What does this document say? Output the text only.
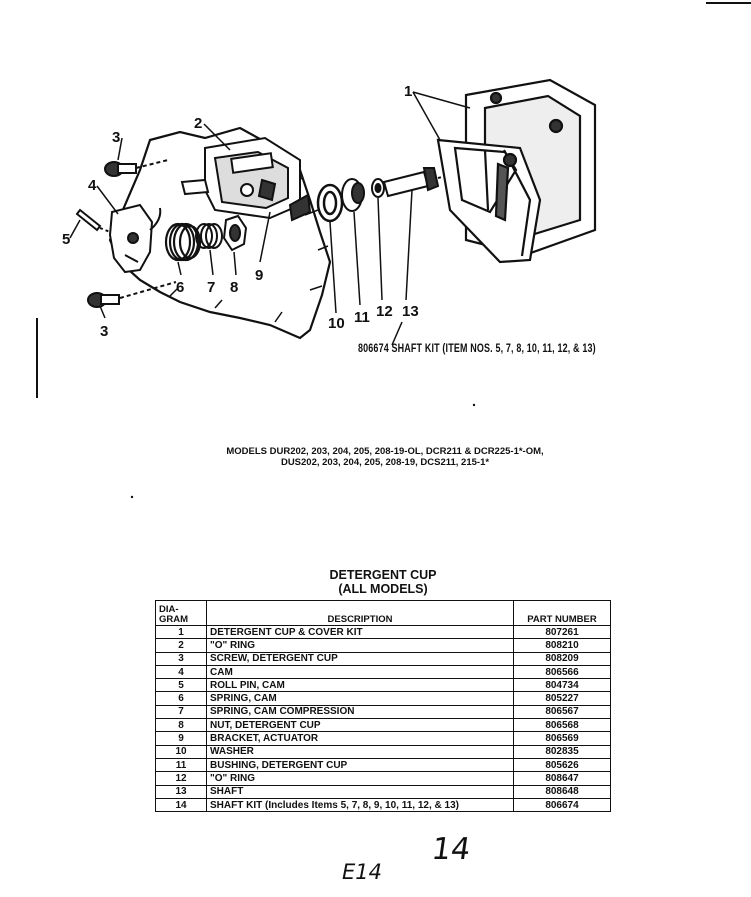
1
2
3
4
5
6 7 8
9
3	10 11 12 13
806674 SHAFT KIT (ITEM NOS. 5, 7, 8, 10, 11, 12, & 13)
MODELS DUR202, 203, 204, 205, 208-19-OL, DCR211 & DCR225-1*-OM,
DUS202, 203, 204, 205, 208-19, DCS211, 215-1*
DETERGENT CUP
(ALL MODELS)
DIA-
GRAM	DESCRIPTION	PART NUMBER
1	DETERGENT CUP & COVER KIT	807261
2	"O" RING	808210
3	SCREW, DETERGENT CUP	808209
4	CAM	806566
5	ROLL PIN, CAM	804734
6	SPRING, CAM	805227
7	SPRING, CAM COMPRESSION	806567
8	NUT, DETERGENT CUP	806568
9	BRACKET, ACTUATOR	806569
10	WASHER	802835
11	BUSHING, DETERGENT CUP	805626
12	"O" RING	808647
13	SHAFT	808648
14	SHAFT KIT (Includes Items 5, 7, 8, 9, 10, 11, 12, & 13)	806674
14
E14
